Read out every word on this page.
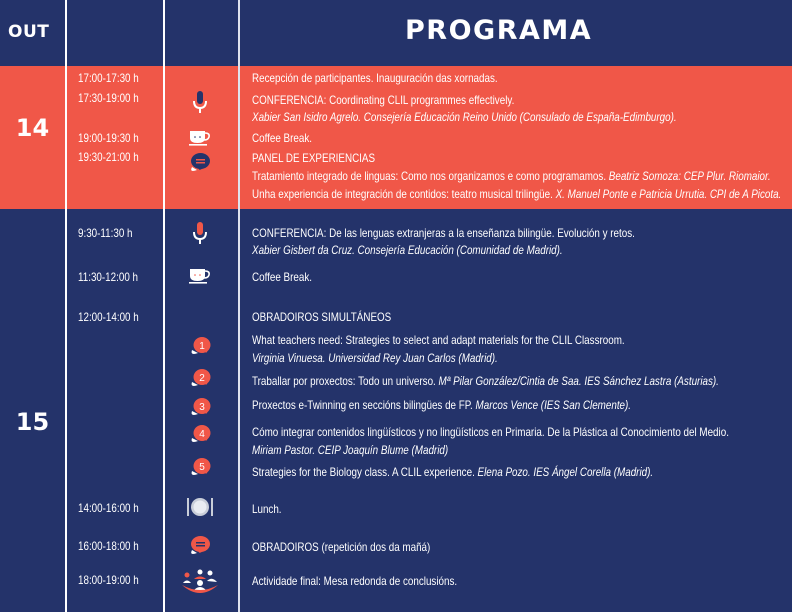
OUT	PROGRAMA
14
15
17:00-17:30 h
17:30-19:00 h
19:00-19:30 h
19:30-21:00 h
Recepción de participantes. Inauguración das xornadas.
CONFERENCIA: Coordinating CLIL programmes effectively.
Xabier San Isidro Agrelo. Consejería Educación Reino Unido (Consulado de España-Edimburgo).
Coffee Break.
PANEL DE EXPERIENCIAS
Tratamiento integrado de linguas: Como nos organizamos e como programamos. Beatriz Somoza: CEP Plur. Riomaior.
Unha experiencia de integración de contidos: teatro musical trilingüe. X. Manuel Ponte e Patricia Urrutia. CPI de A Picota.
9:30-11:30 h
11:30-12:00 h
12:00-14:00 h
14:00-16:00 h
16:00-18:00 h
18:00-19:00 h
1
2
3
4
5
CONFERENCIA: De las lenguas extranjeras a la enseñanza bilingüe. Evolución y retos.
Xabier Gisbert da Cruz. Consejería Educación (Comunidad de Madrid).
Coffee Break.
OBRADOIROS SIMULTÁNEOS
What teachers need: Strategies to select and adapt materials for the CLIL Classroom.
Virginia Vinuesa. Universidad Rey Juan Carlos (Madrid).
Traballar por proxectos: Todo un universo. Mª Pilar González/Cintia de Saa. IES Sánchez Lastra (Asturias).
Proxectos e-Twinning en seccións bilingües de FP. Marcos Vence (IES San Clemente).
Cómo integrar contenidos lingüísticos y no lingüísticos en Primaria. De la Plástica al Conocimiento del Medio.
Miriam Pastor. CEIP Joaquín Blume (Madrid)
Strategies for the Biology class. A CLIL experience. Elena Pozo. IES Ángel Corella (Madrid).
Lunch.
OBRADOIROS (repetición dos da mañá)
Actividade final: Mesa redonda de conclusións.
